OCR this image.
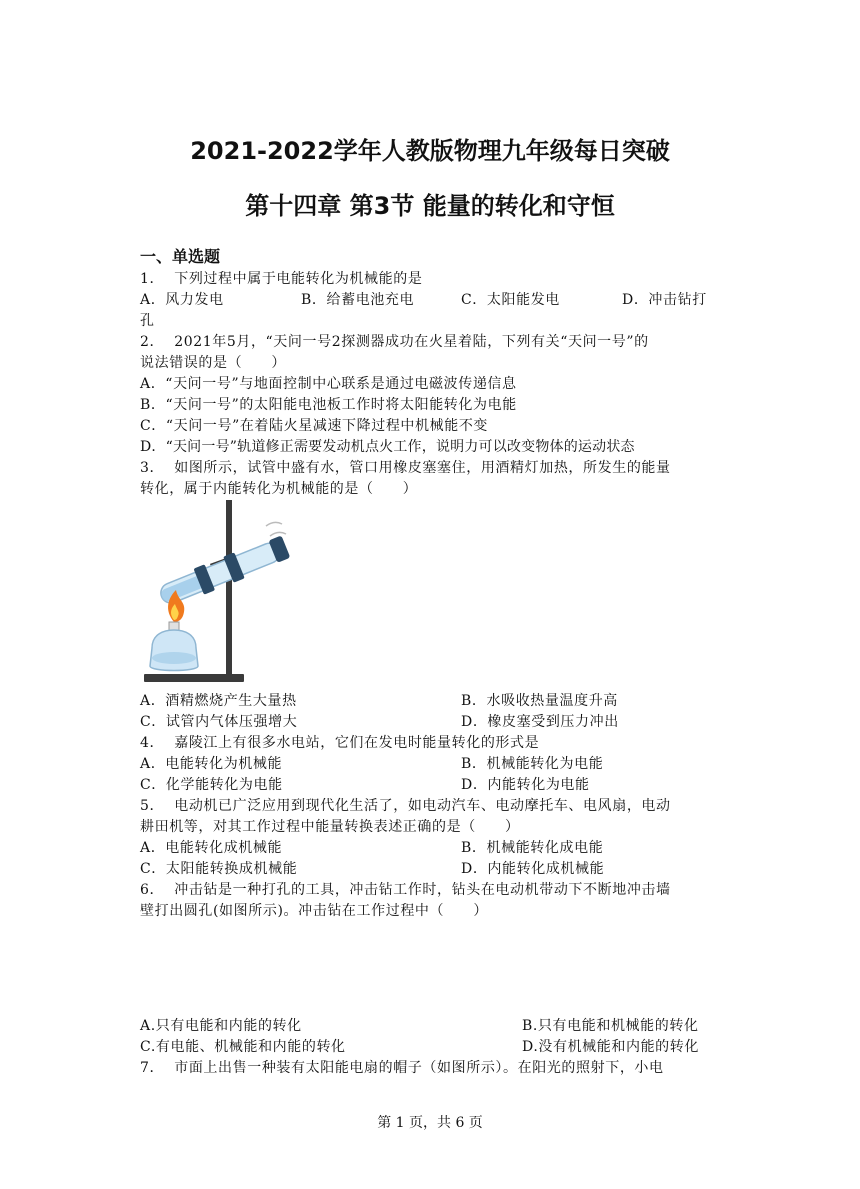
2021-2022学年人教版物理九年级每日突破
第十四章 第3节 能量的转化和守恒
一、单选题
1． 下列过程中属于电能转化为机械能的是
A．风力发电	B．给蓄电池充电	C．太阳能发电	D．冲击钻打
孔
2． 2021年5月，“天问一号2探测器成功在火星着陆，下列有关“天问一号”的
说法错误的是（　　）
A．“天问一号”与地面控制中心联系是通过电磁波传递信息
B．“天问一号”的太阳能电池板工作时将太阳能转化为电能
C．“天问一号”在着陆火星减速下降过程中机械能不变
D．“天问一号”轨道修正需要发动机点火工作，说明力可以改变物体的运动状态
3． 如图所示，试管中盛有水，管口用橡皮塞塞住，用酒精灯加热，所发生的能量
转化，属于内能转化为机械能的是（　　）
A．酒精燃烧产生大量热	B．水吸收热量温度升高
C．试管内气体压强增大	D．橡皮塞受到压力冲出
4． 嘉陵江上有很多水电站，它们在发电时能量转化的形式是
A．电能转化为机械能	B．机械能转化为电能
C．化学能转化为电能	D．内能转化为电能
5． 电动机已广泛应用到现代化生活了，如电动汽车、电动摩托车、电风扇，电动
耕田机等，对其工作过程中能量转换表述正确的是（　　）
A．电能转化成机械能	B．机械能转化成电能
C．太阳能转换成机械能	D．内能转化成机械能
6． 冲击钻是一种打孔的工具，冲击钻工作时，钻头在电动机带动下不断地冲击墙
壁打出圆孔(如图所示)。冲击钻在工作过程中（　　）
A.只有电能和内能的转化	B.只有电能和机械能的转化
C.有电能、机械能和内能的转化	D.没有机械能和内能的转化
7． 市面上出售一种装有太阳能电扇的帽子（如图所示）。在阳光的照射下，小电
第 1 页，共 6 页
